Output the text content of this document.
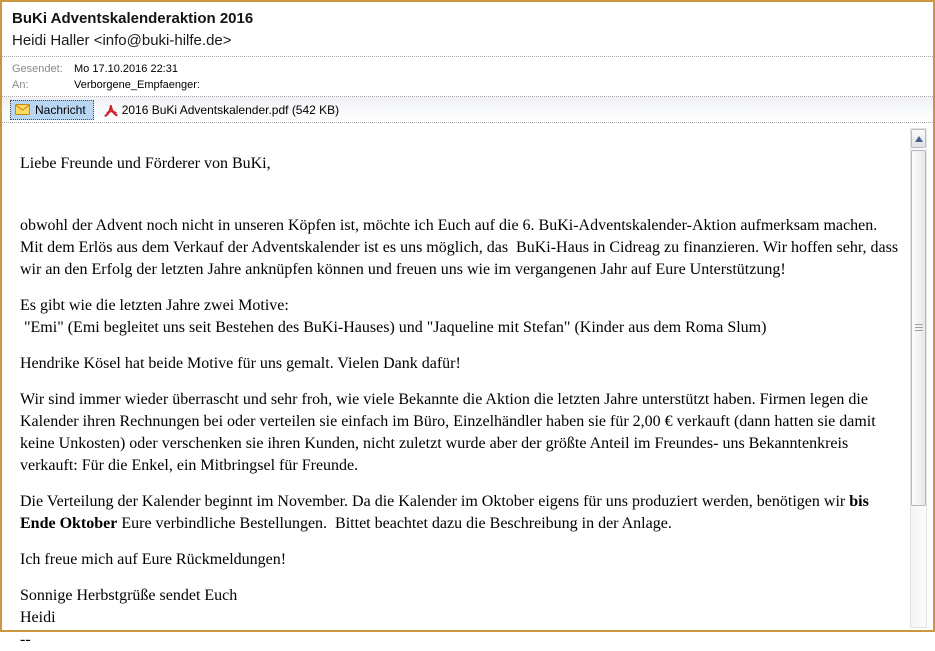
BuKi Adventskalenderaktion 2016
Heidi Haller <info@buki-hilfe.de>
Gesendet:	Mo 17.10.2016 22:31
An:	Verborgene_Empfaenger:
Nachricht	2016 BuKi Adventskalender.pdf (542 KB)
Liebe Freunde und Förderer von BuKi,
obwohl der Advent noch nicht in unseren Köpfen ist, möchte ich Euch auf die 6. BuKi-Adventskalender-Aktion aufmerksam machen. Mit dem Erlös aus dem Verkauf der Adventskalender ist es uns möglich, das  BuKi-Haus in Cidreag zu finanzieren. Wir hoffen sehr, dass wir an den Erfolg der letzten Jahre anknüpfen können und freuen uns wie im vergangenen Jahr auf Eure Unterstützung!
Es gibt wie die letzten Jahre zwei Motive:
"Emi" (Emi begleitet uns seit Bestehen des BuKi-Hauses) und "Jaqueline mit Stefan" (Kinder aus dem Roma Slum)
Hendrike Kösel hat beide Motive für uns gemalt. Vielen Dank dafür!
Wir sind immer wieder überrascht und sehr froh, wie viele Bekannte die Aktion die letzten Jahre unterstützt haben. Firmen legen die Kalender ihren Rechnungen bei oder verteilen sie einfach im Büro, Einzelhändler haben sie für 2,00 € verkauft (dann hatten sie damit keine Unkosten) oder verschenken sie ihren Kunden, nicht zuletzt wurde aber der größte Anteil im Freundes- uns Bekanntenkreis verkauft: Für die Enkel, ein Mitbringsel für Freunde.
Die Verteilung der Kalender beginnt im November. Da die Kalender im Oktober eigens für uns produziert werden, benötigen wir bis Ende Oktober Eure verbindliche Bestellungen.  Bittet beachtet dazu die Beschreibung in der Anlage.
Ich freue mich auf Eure Rückmeldungen!
Sonnige Herbstgrüße sendet Euch
Heidi
--
